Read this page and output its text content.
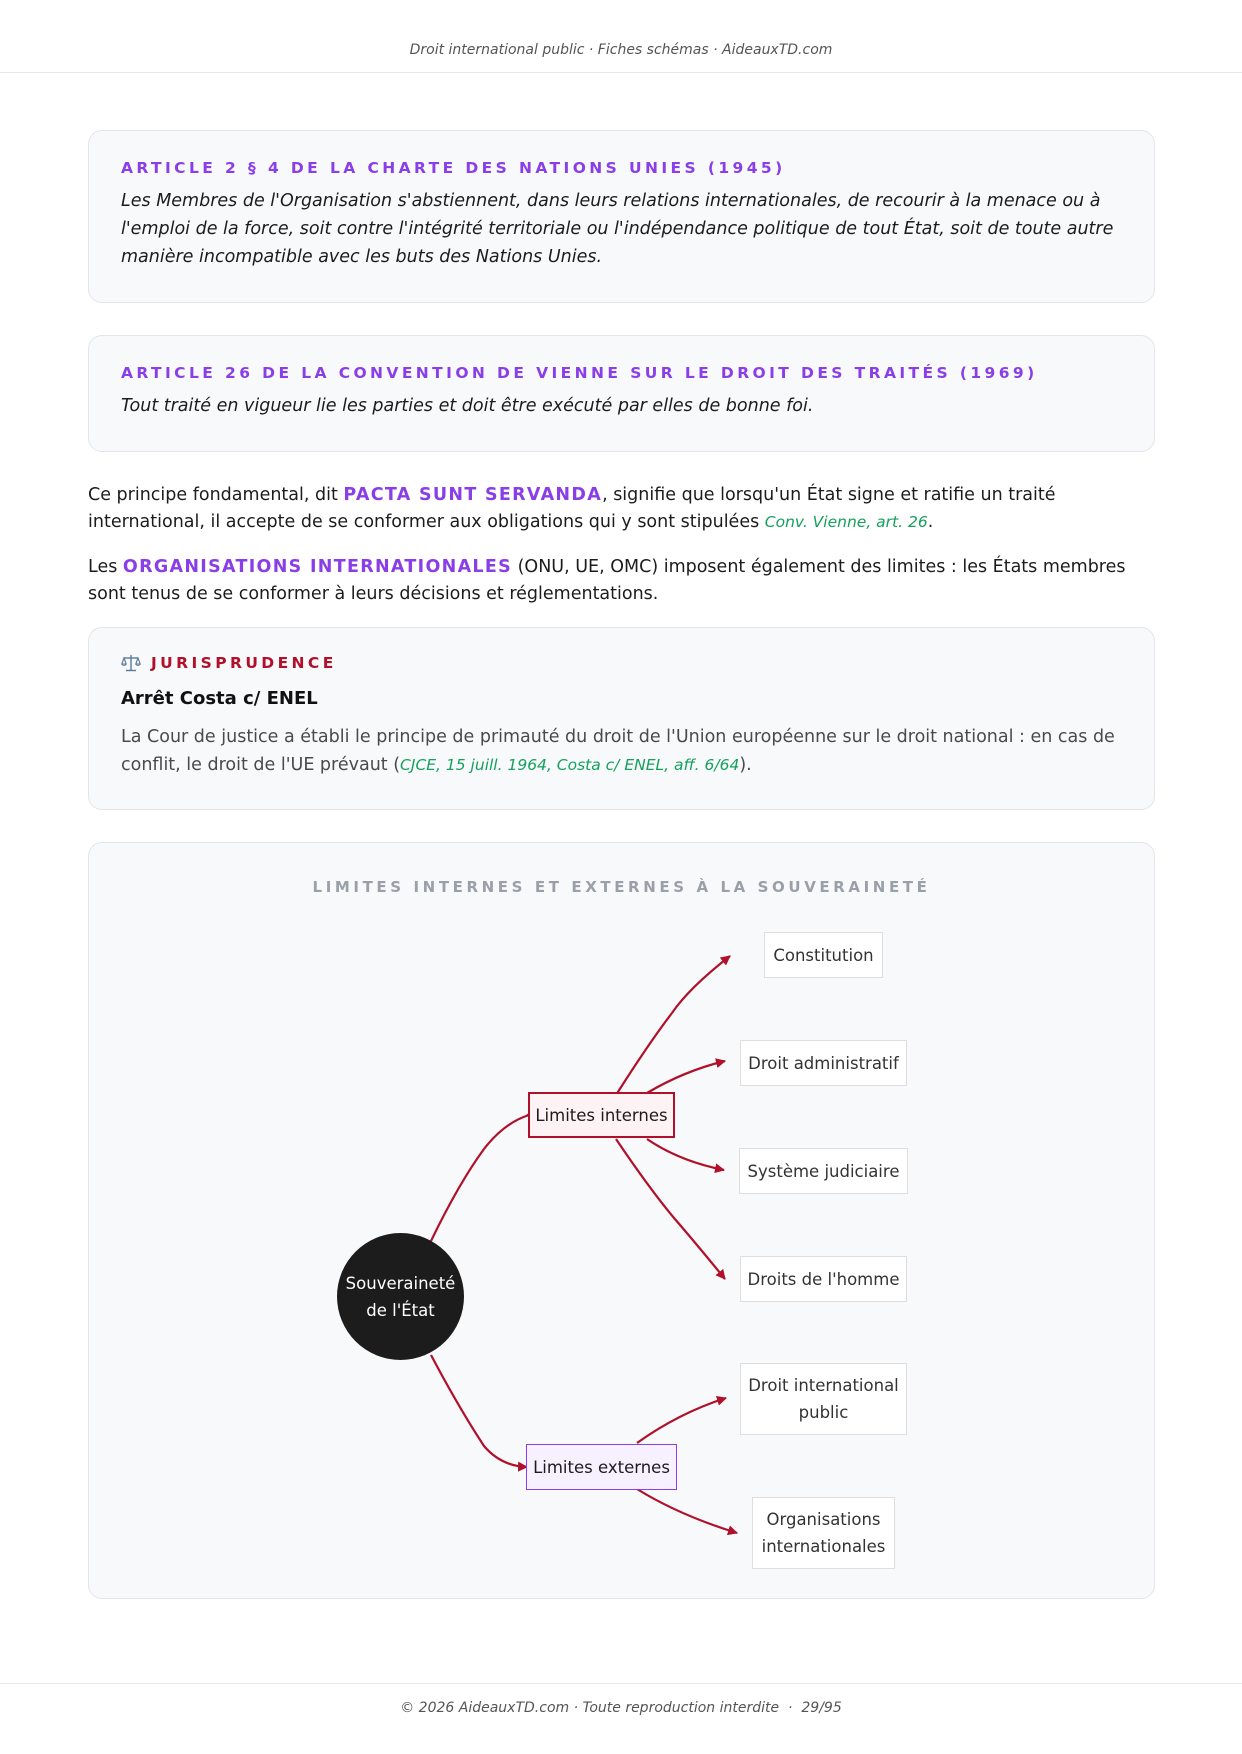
Droit international public · Fiches schémas · AideauxTD.com
ARTICLE 2 § 4 DE LA CHARTE DES NATIONS UNIES (1945)
Les Membres de l'Organisation s'abstiennent, dans leurs relations internationales, de recourir à la menace ou à l'emploi de la force, soit contre l'intégrité territoriale ou l'indépendance politique de tout État, soit de toute autre manière incompatible avec les buts des Nations Unies.
ARTICLE 26 DE LA CONVENTION DE VIENNE SUR LE DROIT DES TRAITÉS (1969)
Tout traité en vigueur lie les parties et doit être exécuté par elles de bonne foi.
Ce principe fondamental, dit PACTA SUNT SERVANDA, signifie que lorsqu'un État signe et ratifie un traité international, il accepte de se conformer aux obligations qui y sont stipulées Conv. Vienne, art. 26.
Les ORGANISATIONS INTERNATIONALES (ONU, UE, OMC) imposent également des limites : les États membres sont tenus de se conformer à leurs décisions et réglementations.
JURISPRUDENCE
Arrêt Costa c/ ENEL
La Cour de justice a établi le principe de primauté du droit de l'Union européenne sur le droit national : en cas de conflit, le droit de l'UE prévaut (CJCE, 15 juill. 1964, Costa c/ ENEL, aff. 6/64).
LIMITES INTERNES ET EXTERNES À LA SOUVERAINETÉ
Souveraineté
de l'État
Limites internes
Limites externes
Constitution
Droit administratif
Système judiciaire
Droits de l'homme
Droit international
public
Organisations
internationales
© 2026 AideauxTD.com · Toute reproduction interdite  ·  29/95
